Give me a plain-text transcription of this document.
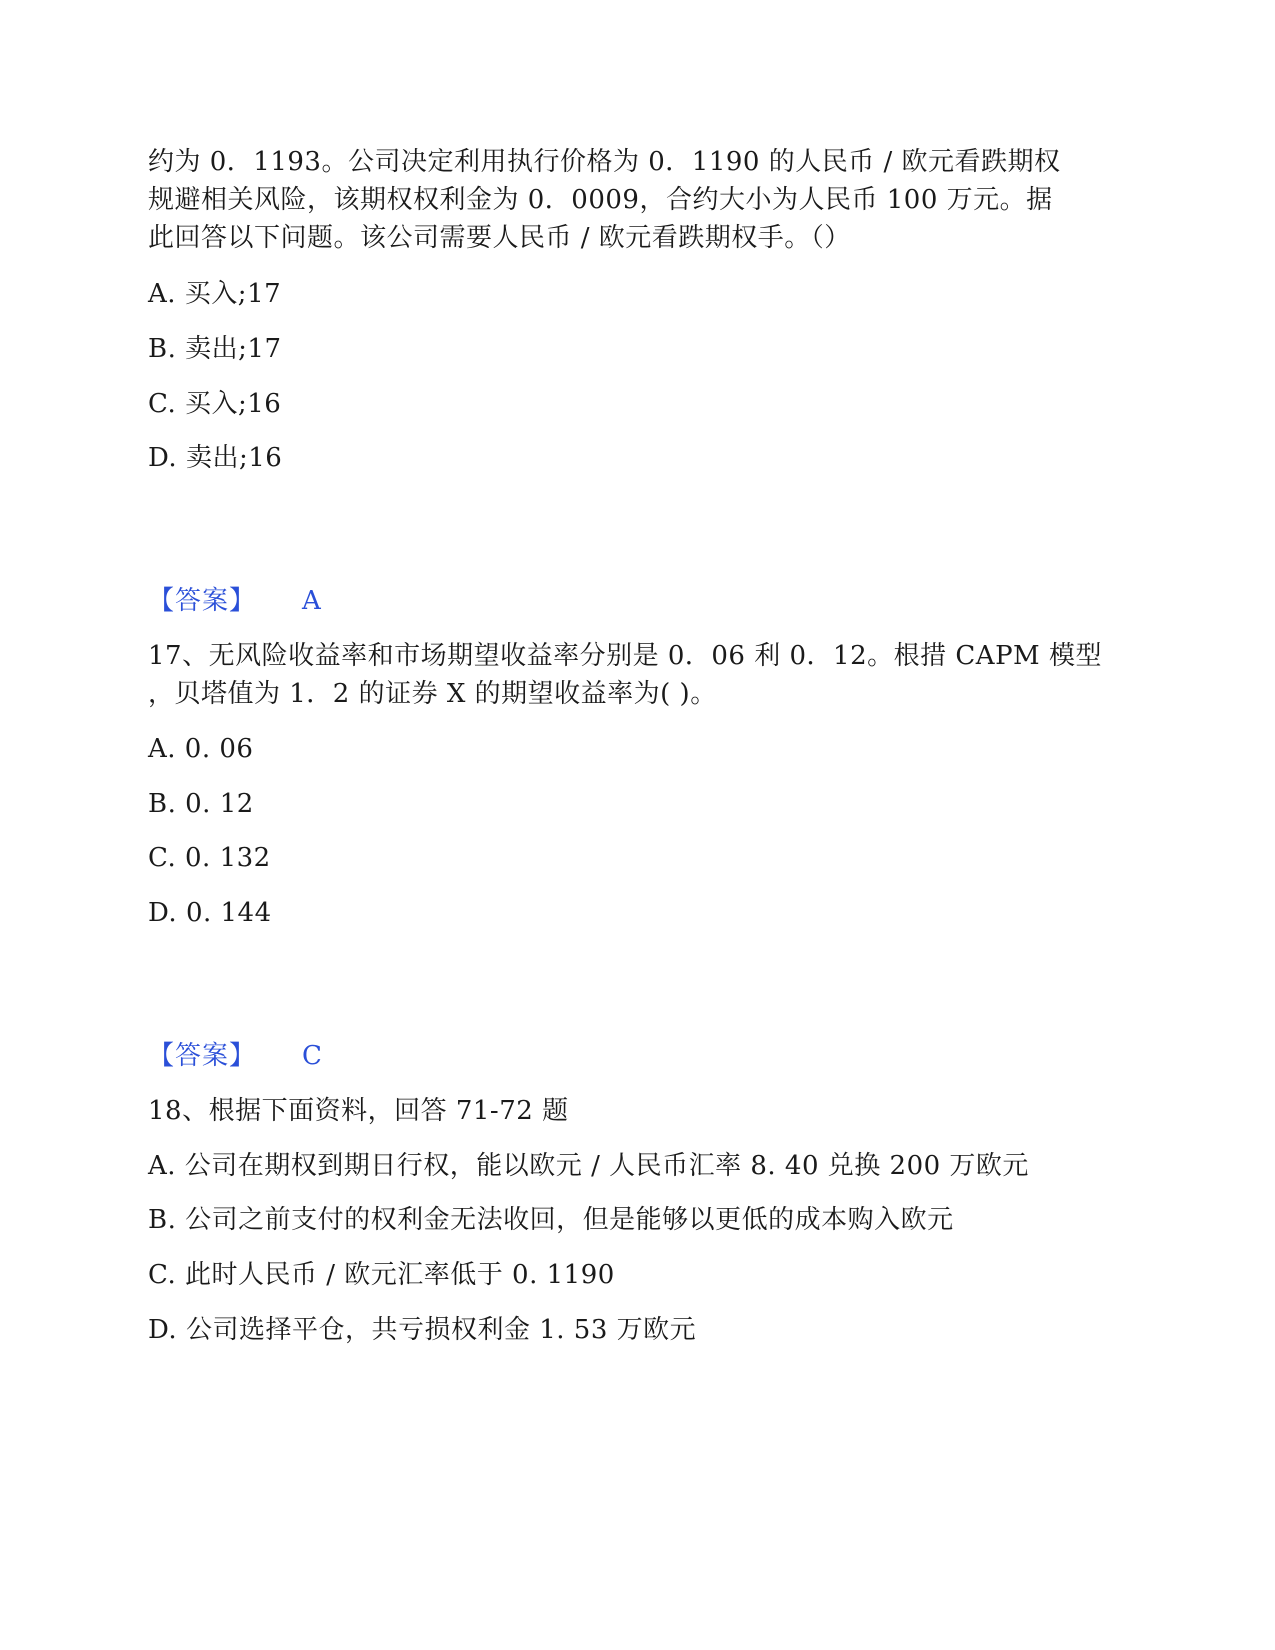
约为 0．1193。公司决定利用执行价格为 0．1190 的人民币 / 欧元看跌期权
规避相关风险，该期权权利金为 0．0009，合约大小为人民币 100 万元。据
此回答以下问题。该公司需要人民币 / 欧元看跌期权手。（）
A. 买入;17
B. 卖出;17
C. 买入;16
D. 卖出;16
【答案】 A
17、无风险收益率和市场期望收益率分别是 0．06 利 0．12。根措 CAPM 模型
，贝塔值为 1．2 的证券 X 的期望收益率为( )。
A. 0. 06
B. 0. 12
C. 0. 132
D. 0. 144
【答案】 C
18、根据下面资料，回答 71-72 题
A. 公司在期权到期日行权，能以欧元 / 人民币汇率 8. 40 兑换 200 万欧元
B. 公司之前支付的权利金无法收回，但是能够以更低的成本购入欧元
C. 此时人民币 / 欧元汇率低于 0. 1190
D. 公司选择平仓，共亏损权利金 1. 53 万欧元
